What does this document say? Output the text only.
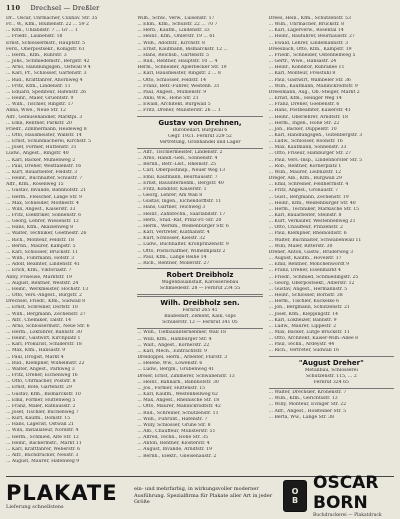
110 Drechsel — Dreßler
Dr... Oscar, Uhrmacher, Cuxhav. Str. 35
Fr... W., Kfm., Blumenstr. 22 ... 59 2
... Kfm., Uhlandstr. 7 ... Gr ... 1
... Friedr., Laubenstr. 18
Ernst, Schlossermstr., Hauptstr. 5
Ferd., Oberpostsekr., Königstr. 61
... Herm., Kfm., Ruhrstr. 3
... Johs., Schmiedemstr., Bergstr. 42
... Arno, Handlungsgeh., Ostwall 9 4
... Karl, Pr., Schlosser, Gartenstr. 3
... Rud., Kraftfahrer, Ahornweg 4
... Fritz, Kfm., Lindenstr. 11
... Eduard, Spediteur, Hafenstr. 26
... Heinr., Maler, Gruentstr. 9
... Wilh., Tischler, Ringstr. 17
Anna, Wwe., Neue Str. 12
Alfr., Gemüsehändler, Marktpl. 3
... Emil, Rentner, Parkstr. 20
Friedr., Zimmermann, Heideweg 8
... Otto, Hausmeister, Wallstr. 14
... Ernst, Schuhmacherei, Kirchstr. 5
... Josef, Former, Hüttenstr. 31
Ludw., Angest., Ringstr. 40
... Karl, Bäcker, Mühlenweg 2
... Paul, Dreher, Westfalenstr. 16
... Kurt, Bauarbeiter, Feldstr. 3
... Heinr., Buchhalter, Schulstr. 7
Alfr., Kfm., Rosenweg 15
... Gustav, Invalide, Bahnhofstr. 21
... Herm., Fleischer, Lange Str. 9
... Max, Schneider, Moltkestr. 4
... Willi, Angest., Kaiserstr. 33
... Fritz, Elektriker, Sonnenstr. 6
... Georg, Lehrer, Wiesenstr. 12
... Hans, Kfm., Akazienweg 8
... Walter, Techniker, Goethestr. 26
... Rich., Monteur, Feldstr. 18
... Bernh., Maurer, Kampstr. 5
... Karl, Schlosser, Brückstr. 11
... Wilh., Fuhrmann, Hofstr. 3
... Adolf, Beamter, Lindenstr. 41
... Erich, Kfm., Viktoriastr. 7
Anny, Friseuse, Marktstr. 19
... August, Rentner, Weststr. 24
... Heinr., Werkmeister, Hochstr. 13
... Otto, Vers.-Angest., Burgstr. 2
Drechsel, Friedr., Kfm., Südwall 8
... Ernst, Schreiner, Dorfstr. 10
... Wilh., Bergmann, Zechenstr. 27
... Alfr., Chemiker, Talstr. 14
... Arno, Schlossermstr., Neue Str. 6
... Herm., Lokführer, Bahnstr. 30
... Heinr., Gastwirt, Kirchplatz 1
... Karl, Prokurist, Schillerstr. 18
... Max, Kfm., Hansastr. 9
... Paul, Drogist, Markt 4
... Rud., Klempner, Wilhelmstr. 22
... Walter, Angest., Parkweg 3
... Fritz, Dreher, Eichenweg 16
... Otto, Uhrmacher, Poststr. 8
... Ernst, Bote, Gartenstr. 29
... Gustav, Kfm., Bismarckstr. 10
... Emil, Former, Hüttenweg 5
... Franz, Maler, Rathausstr. 2
... Josef, Tischler, Buchenweg 7
... Kurt, Kaufm., Domstr. 15
... Hans, Lagerist, Ostwall 21
... Willi, Installateur, Nordstr. 4
... Herm., Schmied, Alte Str. 12
... Heinr., Bäckermstr., Markt 11
... Karl, Kraftfahrer, Weberstr. 6
... Alfr., Buchdrucker, Neustr. 3
... August, Maurer, Hafenweg 9
Wilh., Schw., Verw., Luisenstr. 17
... Ehm., Kfm., Schulstr. 22 ... 70 7
... Herb., Kaufm., Lindenstr. 33
... Heinr., Kfm., Ohlerstr. 19 ... 61
... Wilh., Adolfstr., Kirchstr. 8
... Ernst, Kaufmann, Bismarckstr. 12 ...
... Hans, Reichsb., Gartenstr. 5
... Rud., Rentner, Hauptstr. 10 ... 4
Herm., Schneider, Aplerbecker Str. 19
... Karl, Hausmeister, Ringstr. 2 ... 8
... Otto, Schlosser, Feldstr. 14
... Franz, Betr.-Führer, Westenh. 31
... Paul, Angest., Mühlenstr. 9
... Anni, Ww., Hohe Str. 21
... Ewald, Architekt, Burgwall 5
... Fritz, Dreher, Münsterstr. 26 ... 1
Gustav von Drehnen,
Bürobedarf, Burgwall 6
Gegr. 1921. Fernruf 329 52
Vertretung, Großhandel und Lager
... Alfr., Tischlermeister, Lindenstr. 2
... Arno, Handl.-Geh., Sonnenstr. 4
... Bernh., Betr.-Leit., Rheinstr. 25
... Carl, Oberpostinsp., Neuer Weg 13
... Emil, Kaufmann, Beurhausstr. 7
... Ernst, Bauunternehm., Bergstr. 40
... Fritz, Konditor, Kaiserstr. 1
... Georg, Lehrer, Am Wall 8
... Gustav, Ingen., Eichendorffstr. 11
... Hans, Gärtner, Teichweg 3
... Heinr., Zahntechn., Saarlandstr. 17
... Herb., Stud.-Rat, Prinz-Fr.-Str. 20
... Herm., Werkm., Weißenburger Str. 6
... Karl, Vertreter, Kuithanstr. 4
... Kurt, Schlosser, Kielstr. 32
... Ludw., Buchhalter, Kronprinzenstr. 9
... Otto, Postschaffner, Wilhelmplatz 2
... Paul, Kfm., Lange Reihe 14
... Rich., Rentner, Möllerstr. 27
Robert Dreibholz
Wagenbauanstalt, Karosseriebau
Schmiedestr. 28 — Fernruf 234 55
Wilh. Dreibholz sen.
Fernruf 265 41
Baubedarf, Zement, Kalk, Gips
Schülerstr. 12 — Fernruf 341 05
... Wilh., Tiefbauunternehmer, Wall 18
... Willi, Kfm., Hamburger Str. 4
... Walt., Angest., Körnerstr. 22
... Karl, Mech., Eintrachtstr. 9
Dreidoppel, Herm., Arbeiter, Flurstr. 3
... Helene, Ww., Löwenstr. 6
... Ludw., Bergm., Grubenweg 41
Dreier, Ernst, Zimmerer, Schwanenstr. 13
... Heinr., Bahnarb., Bahnhofstr. 30
... Jos., Former, Hüttenstr. 15
... Karl, Kaufm., Westenhellweg 62
... Max, Angest., Rheinische Str. 18
... Otto, Maurer, Mallinckrodtstr. 42
... Rud., Schreiner, Schützenstr. 11
... Wilh., Fuhrunt., Hafenstr. 7
... Willy, Schlosser, Grüne Str. 8
... Alb., Chauffeur, Münsterstr. 51
... Alfred, Techn., Hohe Str. 35
... Anton, Rentner, Klosterstr. 4
... August, Invalide, Arndtstr. 19
... Bernh., Elektr., Gneisenaustr. 2
Drees, Hein., Kfm., Schützenstr. 53
... Wilh., Uhrmacher, Brückstr. 8
... Karl, Lagerverw., Rosental 14
... Heinr., Bauführer, Beurhausstr. 27
... Ewald, Lehrer, Lindemannstr. 3
Dreesbach, Otto, Kfm., Kampstr. 19
... Friedr., Schneider, Ostenhellweg 5
... Gertr., Wwe., Hansastr. 24
... Heinr., Konditor, Ruhrallee 11
... Karl, Monteur, Freistuhl 8
... Paul, Gastwirt, Wambeler Str. 36
... Wilh., Kaufmann, Mallinckrodtstr. 9
Dreesmann, Aug., Ob.-Steiger, Markt 2
... Ernst, Kfm., Heiliger Weg 14
... Franz, Dreher, Goebenstr. 6
... Hans, Postbeamter, Kaiserstr. 41
... Heinr., Oberlehrer, Arndtstr. 18
... Herm., Ingen., Hohe Str. 22
... Joh., Bäcker, Düppelstr. 10
... Karl, Handlungsgeh., Gutenbergstr. 3
... Ludw., Schlosser, Roonstr. 16
... Max, Kaufmann, Sonnenstr. 33
... Otto, Friseur, Hamburger Str. 27
... Paul, Vers.-Insp., Lindenhorster Str. 5
... Rob., Rentner, Körnerplatz 1
... Wilh., Maurer, Leibnizstr. 12
Dreger, Alb., Kfm., Burgwall 29
... Emil, Schreiner, Feldherrnstr. 4
... Fritz, Angest., Gronaustr. 7
... Gust., Bergmann, Zechenstr. 19
... Heinr., Kfm., Weißenburger Str. 40
... Herm., Techniker, Märkische Str. 15
... Karl, Bauarbeiter, Steinstr. 8
... Kurt, Verkäufer, Westenhellweg 21
... Otto, Chauffeur, Prinzenstr. 2
... Paul, Klempner, Rheinoldistr. 6
... Walter, Buchhalter, Schwanenwall 11
... Willi, Maler, Ritterstr. 30
Dreher, Anton, Gastw., Brüderweg 3
... August, Kaufm., Hövelstr. 17
... Emil, Rentner, Mönchenwordt 9
... Franz, Dreher, Eisenmarkt 4
... Friedr., Schmied, Schmiedingstr. 25
... Georg, Oberpostsekr., Adlerstr. 12
... Gustav, Angest., Hermannstr. 5
... Heinr., Schlosser, Bornstr. 38
... Herm., Tischler, Kuckelke 6
... Joh., Bergmann, Schützenstr. 21
... Josef, Kfm., Kleppingstr. 14
... Karl, Lokheizer, Bahnstr. 9
... Ludw., Maurer, Lippestr. 2
... Max, Bäcker, Lütge Brückstr. 11
... Otto, Architekt, Kaiser-Wilh.-Allee 8
... Paul, Techn., Ardeystr. 44
... Rich., Vertreter, Südwall 16
"August Dreher"
Metallbau, Schlosserei
Schützenstr. 115, ... 2
Fernruf 324 65
... Walter, Drechsler, Kronenstr. 7
... Wilh., Kfm., Gerichtsstr. 13
... Willy, Monteur, Evinger Str. 22
... Alfr., Angest., Holsteiner Str. 5
... Berta, Ww., Lange Str. 38
PLAKATE
Lieferung schnellstens
ein- und mehrfarbig, in wirkungsvoller moderner Ausführung. Spezialfirma für Plakate aller Art in jeder Größe
O
B
OSCAR BORN
Buchdruckerei — Plakatdruck
